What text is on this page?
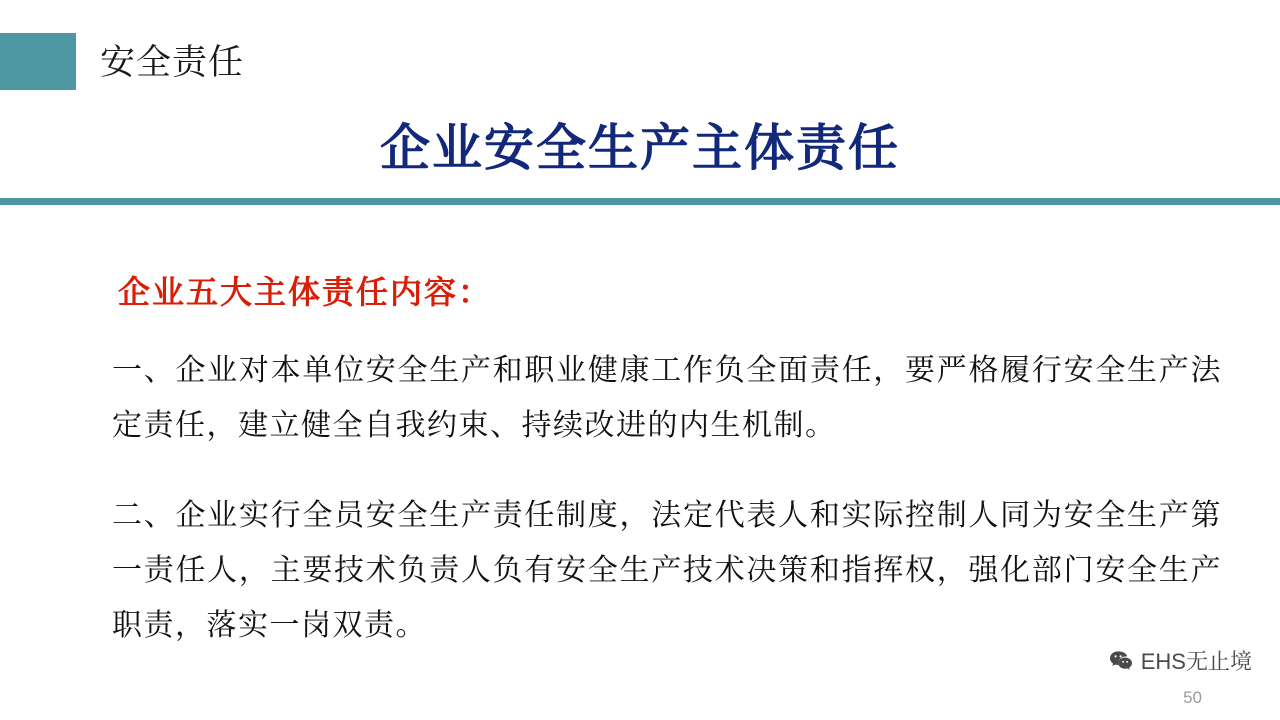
安全责任
企业安全生产主体责任
企业五大主体责任内容：
一、企业对本单位安全生产和职业健康工作负全面责任，要严格履行安全生产法定责任，建立健全自我约束、持续改进的内生机制。
二、企业实行全员安全生产责任制度，法定代表人和实际控制人同为安全生产第一责任人，主要技术负责人负有安全生产技术决策和指挥权，强化部门安全生产职责，落实一岗双责。
EHS无止境
50
